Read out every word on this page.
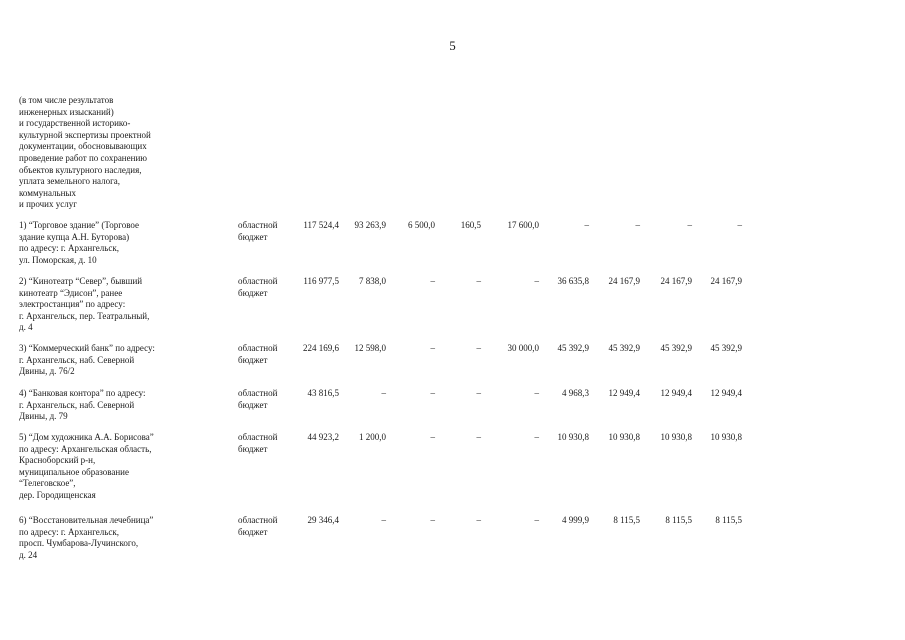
5
(в том числе результатов
инженерных изысканий)
и государственной историко-
культурной экспертизы проектной
документации, обосновывающих
проведение работ по сохранению
объектов культурного наследия,
уплата земельного налога,
коммунальных
и прочих услуг
1) “Торговое здание” (Торговое
здание купца А.Н. Буторова)
по адресу: г. Архангельск,
ул. Поморская, д. 10
областной
бюджет
117 524,4	93 263,9	6 500,0	160,5	17 600,0	–	–	–	–
2) “Кинотеатр “Север”, бывший
кинотеатр “Эдисон”, ранее
электростанция” по адресу:
г. Архангельск, пер. Театральный,
д. 4
областной
бюджет
116 977,5	7 838,0	–	–	–	36 635,8	24 167,9	24 167,9	24 167,9
3) “Коммерческий банк” по адресу:
г. Архангельск, наб. Северной
Двины, д. 76/2
областной
бюджет
224 169,6	12 598,0	–	–	30 000,0	45 392,9	45 392,9	45 392,9	45 392,9
4) “Банковая контора” по адресу:
г. Архангельск, наб. Северной
Двины, д. 79
областной
бюджет
43 816,5	–	–	–	–	4 968,3	12 949,4	12 949,4	12 949,4
5) “Дом художника А.А. Борисова”
по адресу: Архангельская область,
Красноборский р-н,
муниципальное образование
“Телеговское”,
дер. Городищенская
областной
бюджет
44 923,2	1 200,0	–	–	–	10 930,8	10 930,8	10 930,8	10 930,8
6) “Восстановительная лечебница”
по адресу: г. Архангельск,
просп. Чумбарова-Лучинского,
д. 24
областной
бюджет
29 346,4	–	–	–	–	4 999,9	8 115,5	8 115,5	8 115,5
